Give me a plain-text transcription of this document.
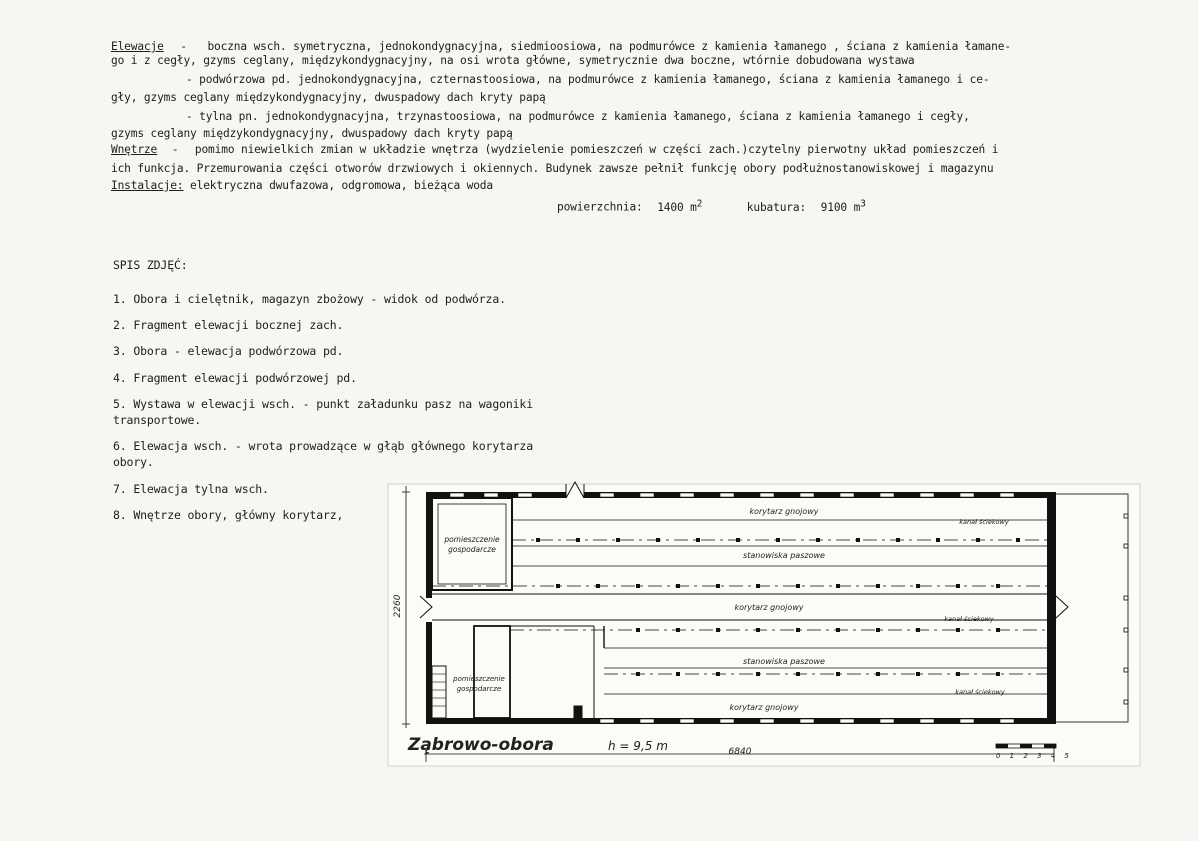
Elewacje - boczna wsch. symetryczna, jednokondygnacyjna, siedmioosiowa, na podmurówce z kamienia łamanego , ściana z kamienia łamane-
go i z cegły, gzyms ceglany, międzykondygnacyjny, na osi wrota główne, symetrycznie dwa boczne, wtórnie dobudowana wystawa
- podwórzowa pd. jednokondygnacyjna, czternastoosiowa, na podmurówce z kamienia łamanego, ściana z kamienia łamanego i ce-
gły, gzyms ceglany międzykondygnacyjny, dwuspadowy dach kryty papą
- tylna pn. jednokondygnacyjna, trzynastoosiowa, na podmurówce z kamienia łamanego, ściana z kamienia łamanego i cegły,
gzyms ceglany międzykondygnacyjny, dwuspadowy dach kryty papą
Wnętrze - pomimo niewielkich zmian w układzie wnętrza (wydzielenie pomieszczeń w części zach.)czytelny pierwotny układ pomieszczeń i
ich funkcja. Przemurowania części otworów drzwiowych i okiennych. Budynek zawsze pełnił funkcję obory podłużnostanowiskowej i magazynu
Instalacje: elektryczna dwufazowa, odgromowa, bieżąca woda
powierzchnia: 1400 $m^2$	kubatura: 9100 $m^3$
SPIS ZDJĘĆ:
1. Obora i cielętnik, magazyn zbożowy - widok od podwórza.
2. Fragment elewacji bocznej zach.
3. Obora - elewacja podwórzowa pd.
4. Fragment elewacji podwórzowej pd.
5. Wystawa w elewacji wsch. - punkt załadunku pasz na wagoniki
transportowe.
6. Elewacja wsch. - wrota prowadzące w głąb głównego korytarza
obory.
7. Elewacja tylna wsch.
8. Wnętrze obory, główny korytarz,
pomieszczenie
gospodarcze
pomieszczenie
gospodarcze
korytarz gnojowy
kanał ściekowy
stanowiska paszowe
korytarz gnojowy
kanał ściekowy
stanowiska paszowe
kanał ściekowy
korytarz gnojowy
Ząbrowo-obora	h = 9,5 m	6840
2260
0 1 2 3 4 5
